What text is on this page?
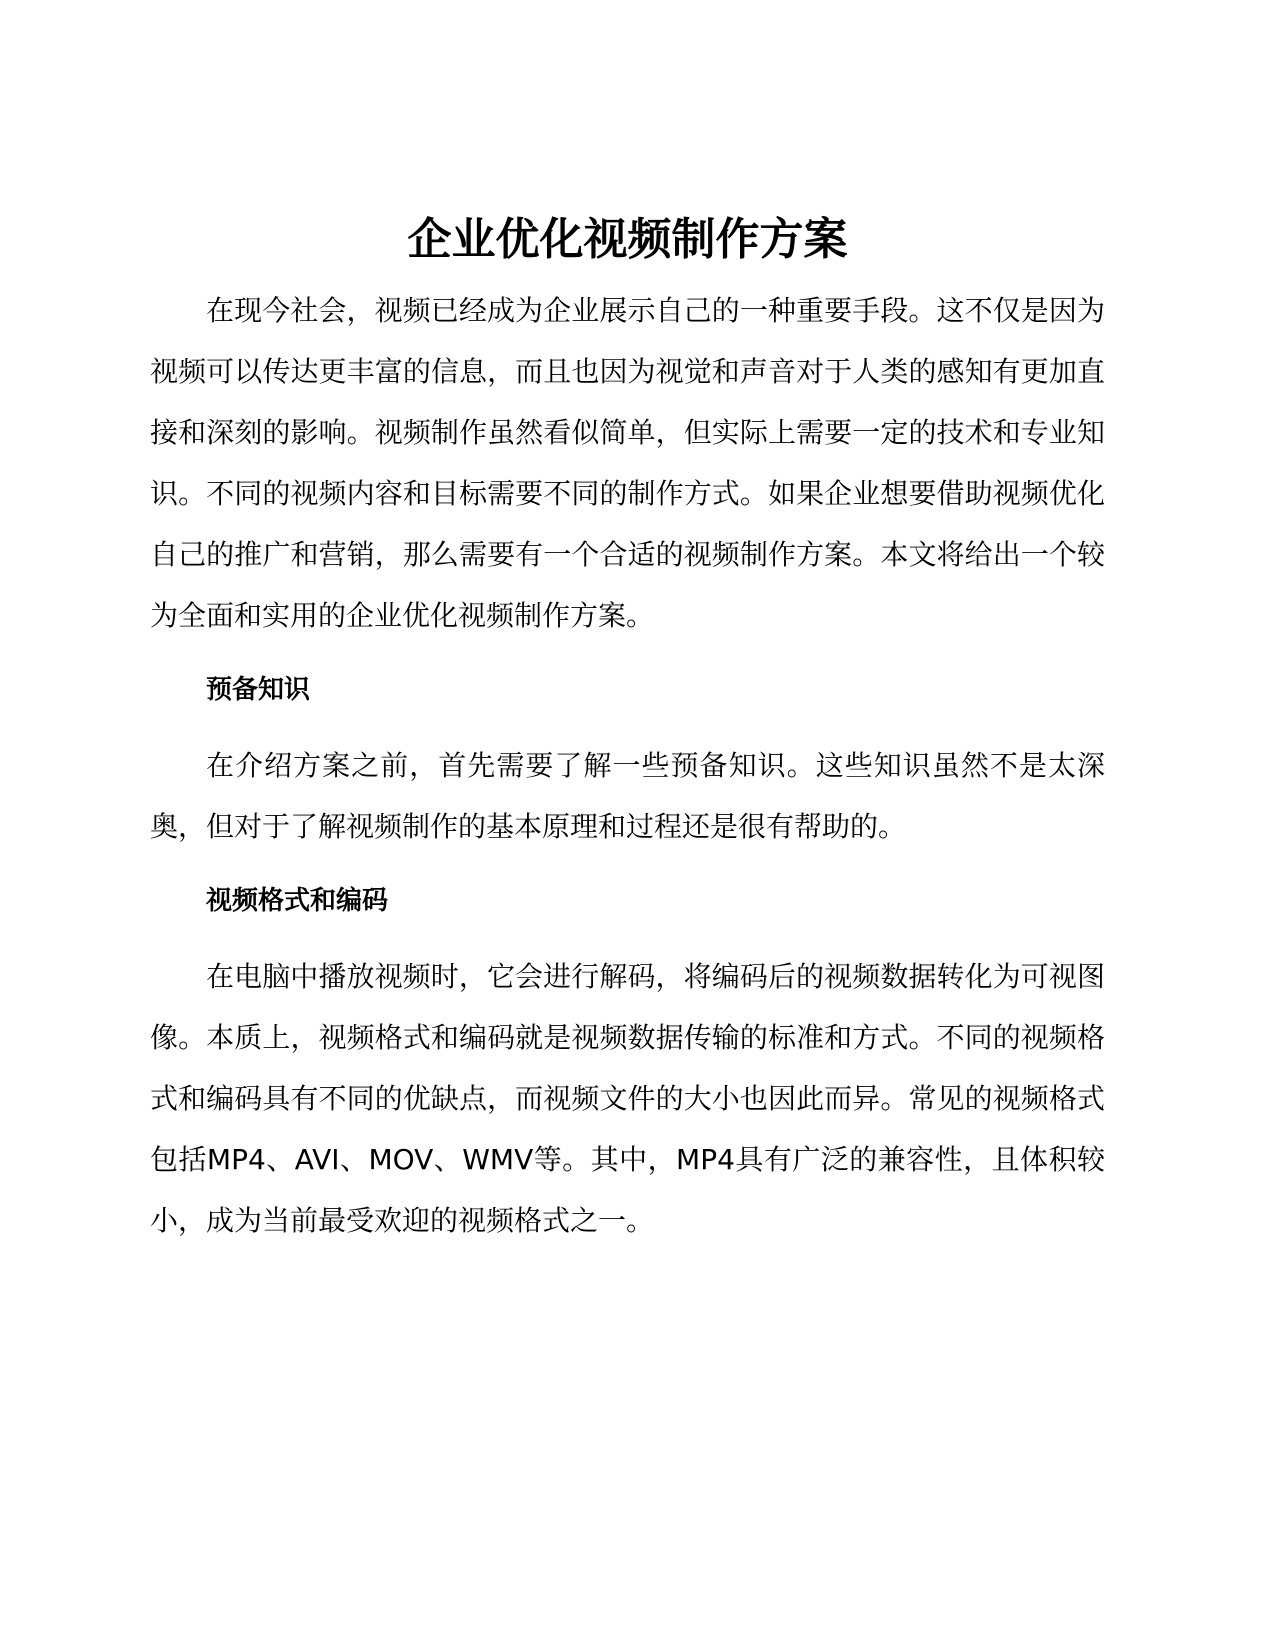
企业优化视频制作方案

在现今社会，视频已经成为企业展示自己的一种重要手段。这不仅是因为视频可以传达更丰富的信息，而且也因为视觉和声音对于人类的感知有更加直接和深刻的影响。视频制作虽然看似简单，但实际上需要一定的技术和专业知识。不同的视频内容和目标需要不同的制作方式。如果企业想要借助视频优化自己的推广和营销，那么需要有一个合适的视频制作方案。本文将给出一个较为全面和实用的企业优化视频制作方案。

预备知识

在介绍方案之前，首先需要了解一些预备知识。这些知识虽然不是太深奥，但对于了解视频制作的基本原理和过程还是很有帮助的。

视频格式和编码

在电脑中播放视频时，它会进行解码，将编码后的视频数据转化为可视图像。本质上，视频格式和编码就是视频数据传输的标准和方式。不同的视频格式和编码具有不同的优缺点，而视频文件的大小也因此而异。常见的视频格式包括MP4、AVI、MOV、WMV等。其中，MP4具有广泛的兼容性，且体积较小，成为当前最受欢迎的视频格式之一。
